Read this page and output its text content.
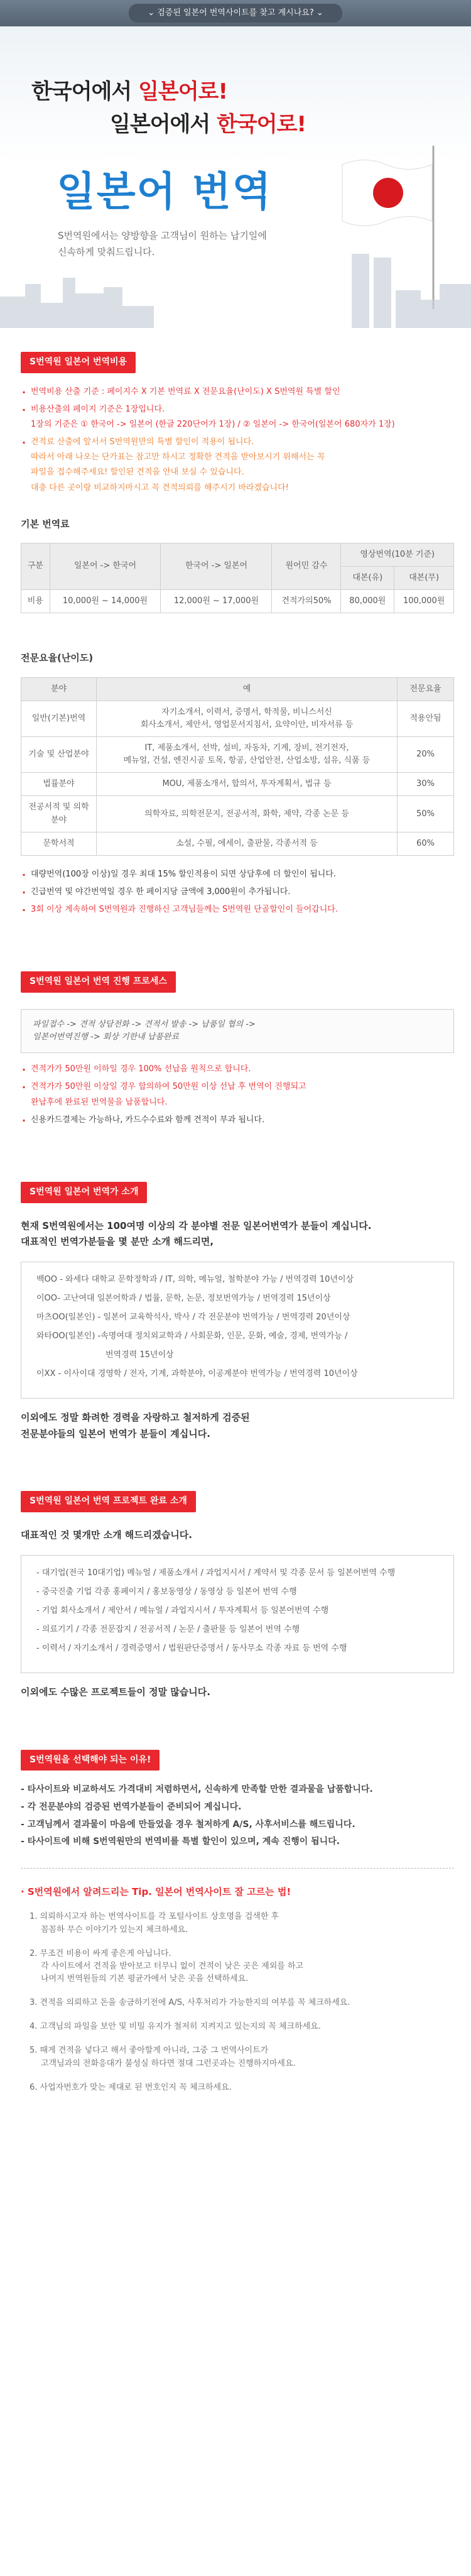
⌄ 검증된 일본어 번역사이트를 찾고 계시나요? ⌄
한국어에서 일본어로!
일본어에서 한국어로!
일본어 번역
S번역원에서는 양방향을 고객님이 원하는 납기일에
신속하게 맞춰드립니다.
S번역원 일본어 번역비용
· 번역비용 산출 기준 : 페이지수 X 기본 번역료 X 전문요율(난이도) X S번역원 특별 할인
· 비용산출의 페이지 기준은 1장입니다.
1장의 기준은 ① 한국어 -> 일본어 (한글 220단어가 1장) / ② 일본어 -> 한국어(일본어 680자가 1장)
· 견적료 산출에 앞서서 S번역원만의 특별 할인이 적용이 됩니다.
따라서 아래 나오는 단가표는 참고만 하시고 정확한 견적을 받아보시기 위해서는 꼭
파일을 접수해주세요! 할인된 견적을 안내 보실 수 있습니다.
대충 다른 곳이랑 비교하지마시고 꼭 견적의뢰를 해주시기 바라겠습니다!
기본 번역료
구분	일본어 -> 한국어	한국어 -> 일본어	원어민 감수	영상번역(10분 기준)	
				대본(유)	대본(무)
비용	10,000원 ~ 14,000원	12,000원 ~ 17,000원	견적가의50%	80,000원	100,000원
전문요율(난이도)
분야	예	전문요율
일반(기본)번역	자기소개서, 이력서, 증명서, 학적물, 비니스서신
회사소개서, 제안서, 영업문서지침서, 요약이안, 비자서류 등	적용안됨
기술 및 산업분야	IT, 제품소개서, 선박, 설비, 자동차, 기계, 장비, 전기전자,
메뉴얼, 건설, 엔진시공 토목, 항공, 산업안전, 산업소방, 섬유, 식품 등	20%
법률분야	MOU, 제품소개서, 합의서, 투자계획서, 법규 등	30%
전공서적 및 의학분야	의학자료, 의학전문지, 전공서적, 화학, 제약, 각종 논문 등	50%
문학서적	소설, 수필, 에세이, 출판물, 각종서적 등	60%
· 대량번역(100장 이상)일 경우 최대 15% 할인적용이 되면 상담후에 더 할인이 됩니다.
· 긴급번역 및 야간번역일 경우 한 페이지당 금액에 3,000원이 추가됩니다.
· 3회 이상 계속하여 S번역원과 진행하신 고객님들께는 S번역원 단골할인이 들어갑니다.
S번역원 일본어 번역 진행 프로세스
파일접수 -> 견적 상담전화 -> 견적서 발송 -> 납품일 협의 ->
일본어번역진행 -> 회상 기한내 납품완료
· 견적가가 50만원 이하일 경우 100% 선납을 원칙으로 합니다.
· 견적가가 50만원 이상일 경우 합의하여 50만원 이상 선납 후 번역이 진행되고
완납후에 완료된 번역물을 납품합니다.
· 신용카드결제는 가능하나, 카드수수료와 함께 견적이 부과 됩니다.
S번역원 일본어 번역가 소개
현재 S번역원에서는 100여명 이상의 각 분야별 전문 일본어번역가 분들이 계십니다.
대표적인 번역가분들을 몇 분만 소개 해드리면,
백OO - 와세다 대학교 문학정학과 / IT, 의학, 메뉴얼, 철학분야 가능 / 번역경력 10년이상
이OO- 고난여대 일본어학과 / 법률, 문학, 논문, 정보번역가능 / 번역경력 15년이상
마츠OO(일본인) - 일본어 교육학석사, 박사 / 각 전문분야 번역가능 / 번역경력 20년이상
와타OO(일본인) -속명여대 정치외교학과 / 사회문화, 인문, 문화, 예술, 경제, 번역가능 /
번역경력 15년이상
이XX - 이사이대 경영학 / 전자, 기계, 과학분야, 이공계분야 번역가능 / 번역경력 10년이상
이외에도 정말 화려한 경력을 자랑하고 철저하게 검증된
전문분야들의 일본어 번역가 분들이 계십니다.
S번역원 일본어 번역 프로젝트 완료 소개
대표적인 것 몇개만 소개 해드리겠습니다.
- 대기업(전국 10대기업) 메뉴얼 / 제품소개서 / 과업지시서 / 계약서 및 각종 문서 등 일본어번역 수행
- 중국진출 기업 각종 홍페이지 / 홍보동영상 / 동영상 등 일본어 번역 수행
- 기업 회사소개서 / 제안서 / 메뉴얼 / 과업지시서 / 투자계획서 등 일본어번역 수행
- 의료기기 / 각종 전문잡지 / 전공서적 / 논문 / 출판물 등 일본어 번역 수행
- 이력서 / 자기소개서 / 경력증명서 / 법원판단증명서 / 동사무소 각종 자료 등 번역 수행
이외에도 수많은 프로젝트들이 정말 많습니다.
S번역원을 선택해야 되는 이유!
- 타사이트와 비교하셔도 가격대비 저렴하면서, 신속하게 만족할 만한 결과물을 납품합니다.
- 각 전문분야의 검증된 번역가분들이 준비되어 계십니다.
- 고객님께서 결과물이 마음에 만들었을 경우 철저하게 A/S, 사후서비스를 해드립니다.
- 타사이트에 비해 S번역원만의 번역비를 특별 할인이 있으며, 계속 진행이 됩니다.
· S번역원에서 알려드리는 Tip. 일본어 번역사이트 잘 고르는 법!
1. 의뢰하시고자 하는 번역사이트를 각 포털사이트 상호명을 검색한 후
꼼꼼하 무슨 이야기가 있는지 체크하세요.
2. 무조건 비용이 싸게 좋은게 아닙니다.
각 사이트에서 견적을 받아보고 터무니 없이 견적이 낮은 곳은 제외를 하고
나머지 번역원들의 기본 평균가에서 낮은 곳을 선택하세요.
3. 견적을 의뢰하고 돈을 송금하기전에 A/S, 사후처리가 가능한지의 여부를 꼭 체크하세요.
4. 고객님의 파일을 보안 및 비밀 유지가 철저히 지켜지고 있는지의 꼭 체크하세요.
5. 때게 견적을 넣다고 해서 좋아할게 아니라, 그중 그 번역사이트가
고객님과의 전화응대가 불성실 하다면 절대 그런곳과는 진행하지마세요.
6. 사업자번호가 맞는 제대로 된 번호인지 꼭 체크하세요.
